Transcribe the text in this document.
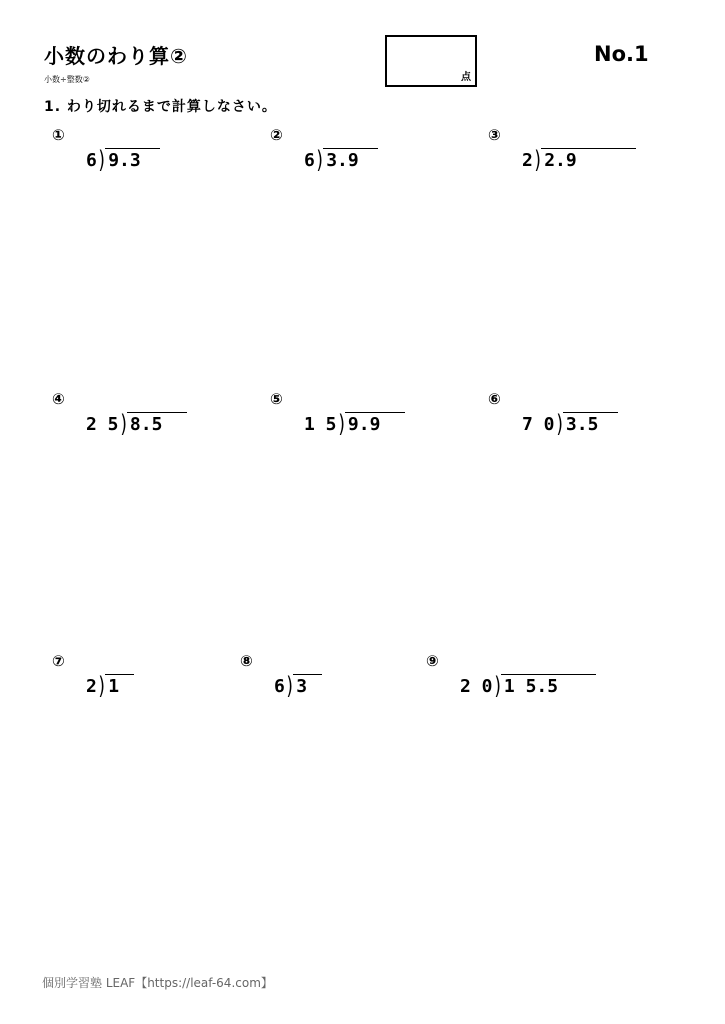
小数のわり算②
小数÷整数②	点
No.1
1. わり切れるまで計算しなさい。
①
6 ) 9.3
②
6 ) 3.9
③
2 ) 2.9
④
2 5 ) 8.5
⑤
1 5 ) 9.9
⑥
7 0 ) 3.5
⑦
2 ) 1
⑧
6 ) 3
⑨
2 0 ) 1 5.5
個別学習塾 LEAF【https://leaf-64.com】
